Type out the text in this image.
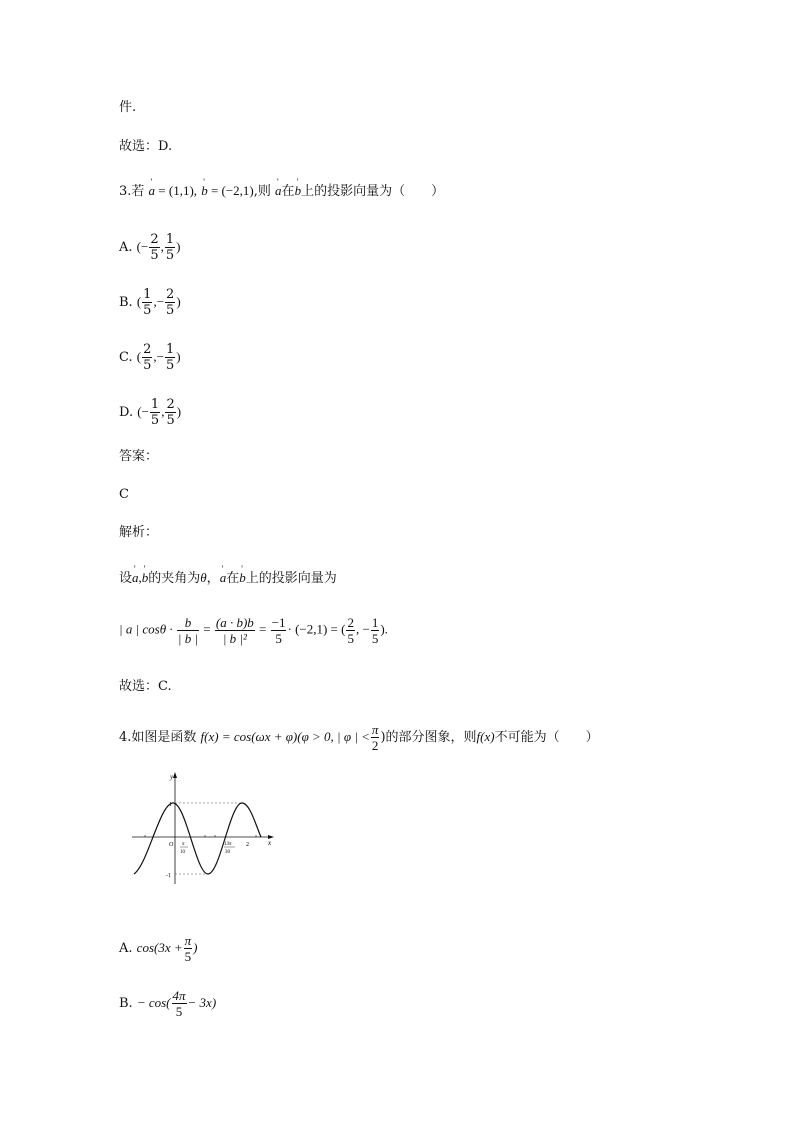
件.
故选：D.
3.若 ' a = (1,1), ' b = (−2,1),则 ' a在' b上的投影向量为（　　）
A. (− $\frac{2}{5}$ , $\frac{1}{5}$ )
B. ( $\frac{1}{5}$ ,− $\frac{2}{5}$ )
C. ( $\frac{2}{5}$ ,− $\frac{1}{5}$ )
D. (− $\frac{1}{5}$ , $\frac{2}{5}$ )
答案：
C
解析：
设' a,' b的夹角为θ，' a在' b上的投影向量为
| a | $\cos\theta \cdot \frac{b}{| b |} = \frac{(a \cdot b)b}{\text{| b |²}} = \frac{-1}{5} \cdot (-2,1)$ = ( $\frac{2}{5}$ , − $\frac{1}{5}$ ).
故选：C.
4.如图是函数 f(x) = cos(ωx + φ)(φ > 0, | φ | < $\frac{\pi}{2}$ )的部分图象，则f(x)不可能为（　　）
y
x
O
1
-1
π
10
13π
30
2
A. $\cos(3x + \frac{\pi}{5}$ )
B. − $\cos( \frac{4\pi}{5} - 3x)$
